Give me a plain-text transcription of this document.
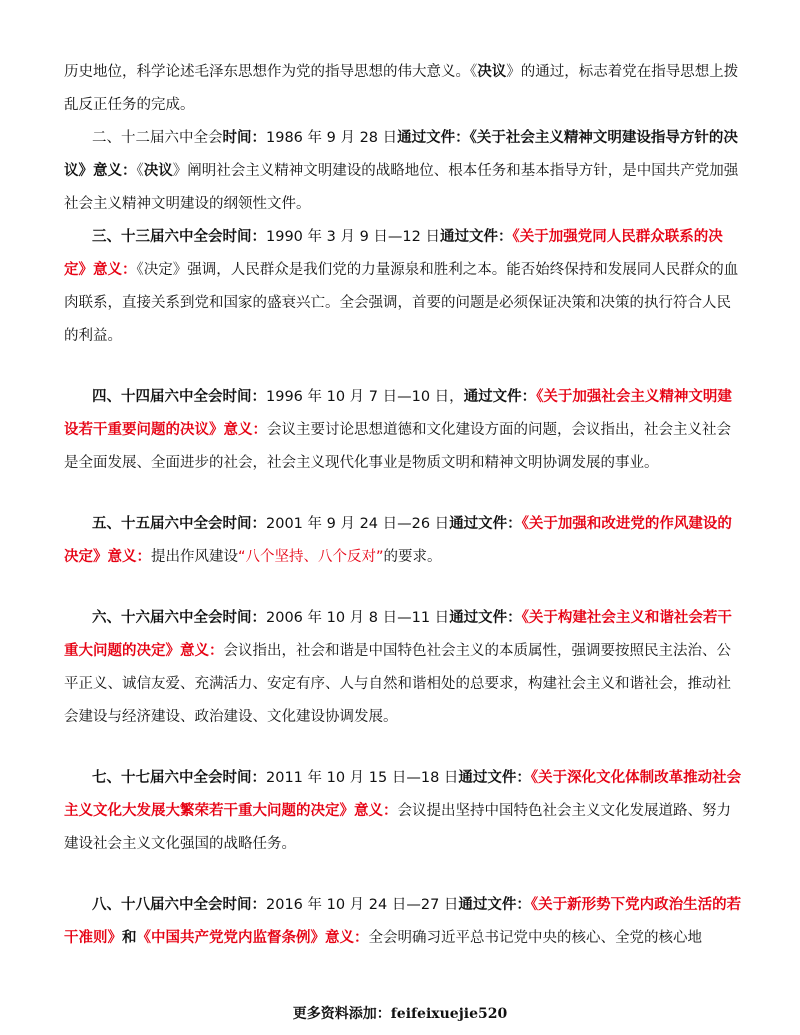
历史地位，科学论述毛泽东思想作为党的指导思想的伟大意义。《决议》的通过，标志着党在指导思想上拨乱反正任务的完成。

二、十二届六中全会时间：1986 年 9 月 28 日通过文件：《关于社会主义精神文明建设指导方针的决议》意义：《决议》阐明社会主义精神文明建设的战略地位、根本任务和基本指导方针，是中国共产党加强社会主义精神文明建设的纲领性文件。

三、十三届六中全会时间：1990 年 3 月 9 日—12 日通过文件：《关于加强党同人民群众联系的决定》意义：《决定》强调，人民群众是我们党的力量源泉和胜利之本。能否始终保持和发展同人民群众的血肉联系，直接关系到党和国家的盛衰兴亡。全会强调，首要的问题是必须保证决策和决策的执行符合人民的利益。

四、十四届六中全会时间：1996 年 10 月 7 日—10 日，通过文件：《关于加强社会主义精神文明建设若干重要问题的决议》意义：会议主要讨论思想道德和文化建设方面的问题，会议指出，社会主义社会是全面发展、全面进步的社会，社会主义现代化事业是物质文明和精神文明协调发展的事业。

五、十五届六中全会时间：2001 年 9 月 24 日—26 日通过文件：《关于加强和改进党的作风建设的决定》意义：提出作风建设“八个坚持、八个反对”的要求。

六、十六届六中全会时间：2006 年 10 月 8 日—11 日通过文件：《关于构建社会主义和谐社会若干重大问题的决定》意义：会议指出，社会和谐是中国特色社会主义的本质属性，强调要按照民主法治、公平正义、诚信友爱、充满活力、安定有序、人与自然和谐相处的总要求，构建社会主义和谐社会，推动社会建设与经济建设、政治建设、文化建设协调发展。

七、十七届六中全会时间：2011 年 10 月 15 日—18 日通过文件：《关于深化文化体制改革推动社会主义文化大发展大繁荣若干重大问题的决定》意义：会议提出坚持中国特色社会主义文化发展道路、努力建设社会主义文化强国的战略任务。

八、十八届六中全会时间：2016 年 10 月 24 日—27 日通过文件：《关于新形势下党内政治生活的若干准则》和《中国共产党党内监督条例》意义：全会明确习近平总书记党中央的核心、全党的核心地

更多资料添加：feifeixuejie520
